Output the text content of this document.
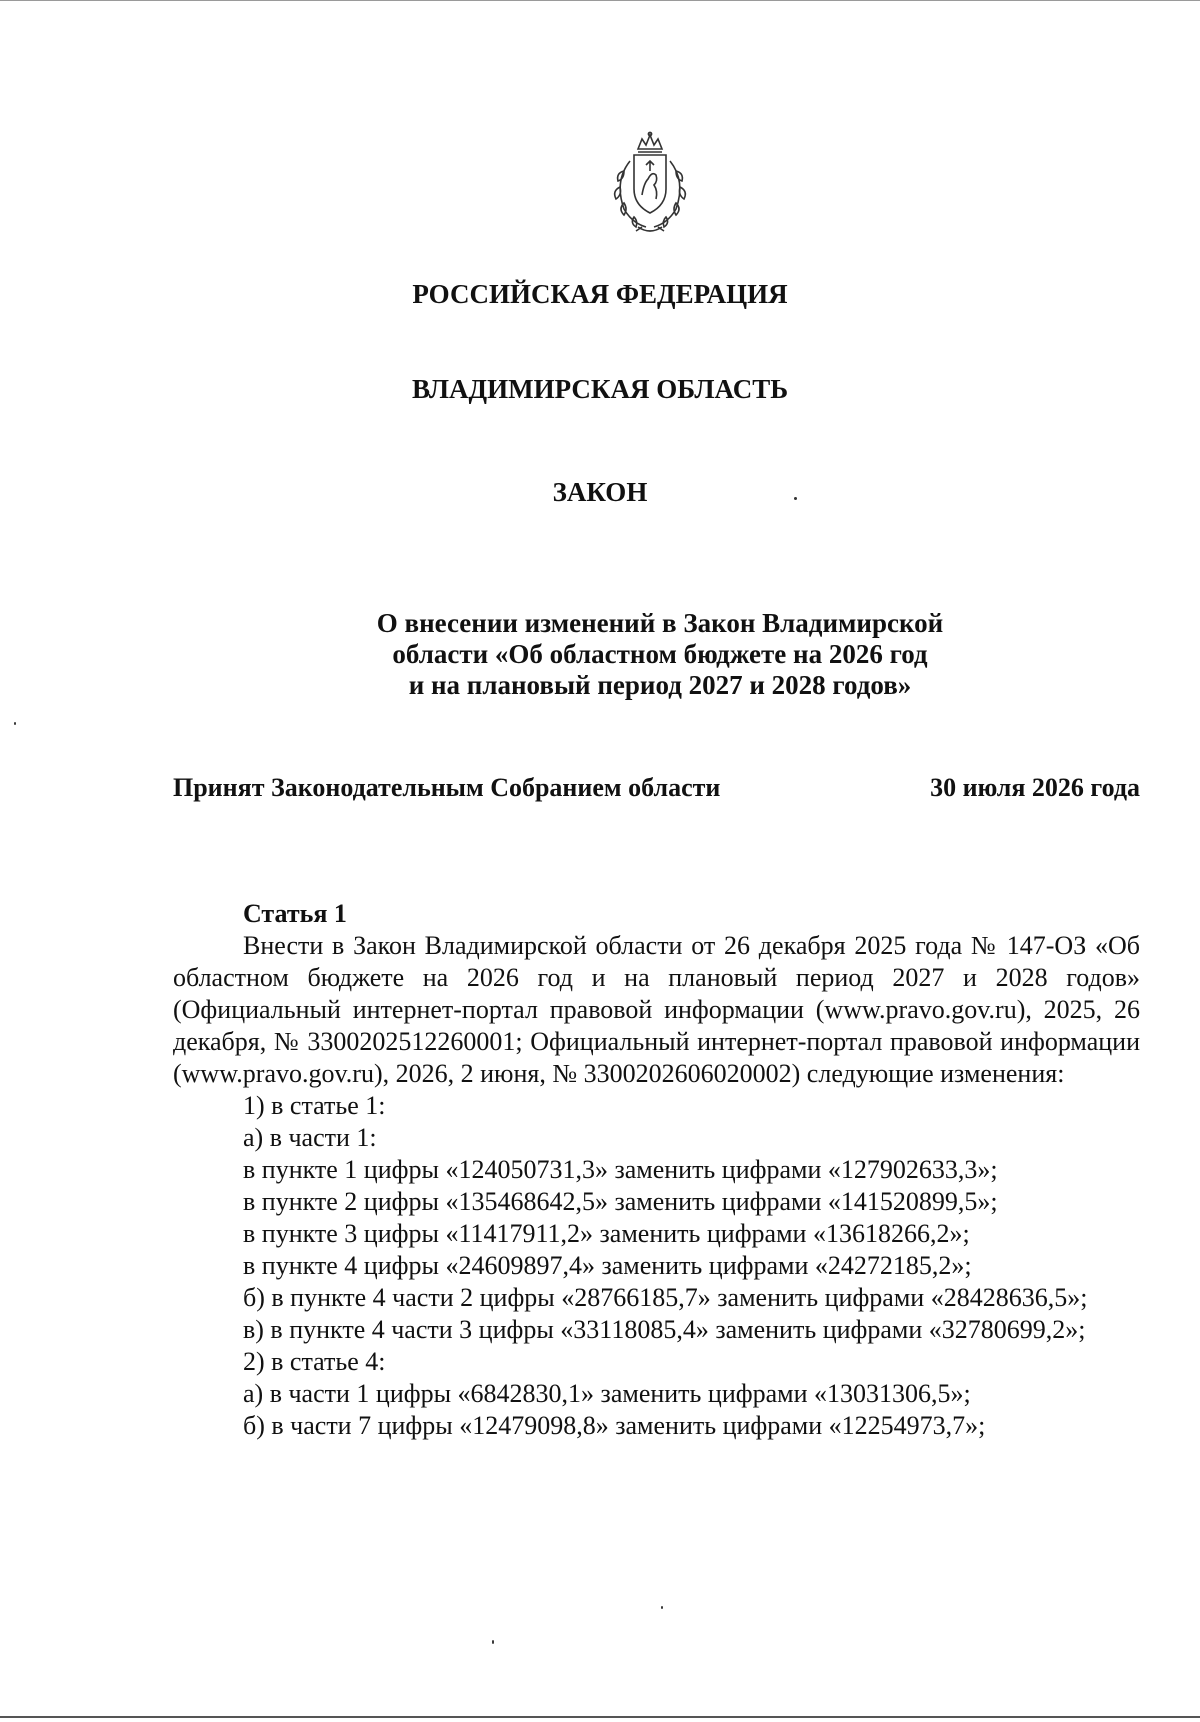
РОССИЙСКАЯ ФЕДЕРАЦИЯ
ВЛАДИМИРСКАЯ ОБЛАСТЬ
ЗАКОН
О внесении изменений в Закон Владимирской
области «Об областном бюджете на 2026 год
и на плановый период 2027 и 2028 годов»
Принят Законодательным Собранием области	30 июля 2026 года
Статья 1

Внести в Закон Владимирской области от 26 декабря 2025 года № 147-ОЗ «Об областном бюджете на 2026 год и на плановый период 2027 и 2028 годов» (Официальный интернет-портал правовой информации (www.pravo.gov.ru), 2025, 26 декабря, № 3300202512260001; Официальный интернет-портал правовой информации (www.pravo.gov.ru), 2026, 2 июня, № 3300202606020002) следующие изменения:

1) в статье 1:

а) в части 1:

в пункте 1 цифры «124050731,3» заменить цифрами «127902633,3»;

в пункте 2 цифры «135468642,5» заменить цифрами «141520899,5»;

в пункте 3 цифры «11417911,2» заменить цифрами «13618266,2»;

в пункте 4 цифры «24609897,4» заменить цифрами «24272185,2»;

б) в пункте 4 части 2 цифры «28766185,7» заменить цифрами «28428636,5»;

в) в пункте 4 части 3 цифры «33118085,4» заменить цифрами «32780699,2»;

2) в статье 4:

а) в части 1 цифры «6842830,1» заменить цифрами «13031306,5»;

б) в части 7 цифры «12479098,8» заменить цифрами «12254973,7»;
